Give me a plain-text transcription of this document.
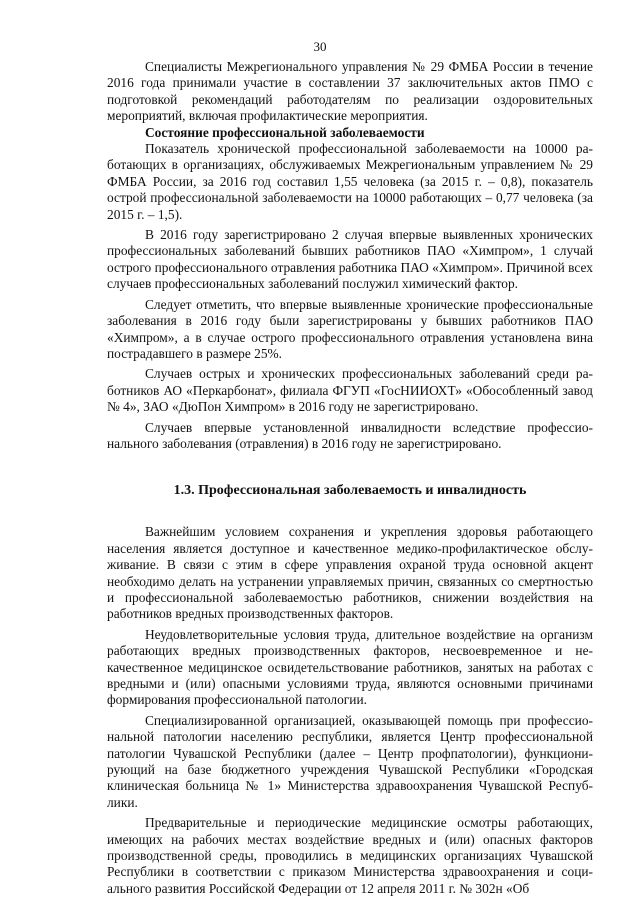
30

Специалисты Межрегионального управления № 29 ФМБА России в течение 2016 года принимали участие в составлении 37 заключительных актов ПМО с подготовкой рекомендаций работодателям по реализации оздоровительных мероприятий, включая профилактические мероприятия.

Состояние профессиональной заболеваемости

Показатель хронической профессиональной заболеваемости на 10000 работающих в организациях, обслуживаемых Межрегиональным управлением № 29 ФМБА России, за 2016 год составил 1,55 человека (за 2015 г. – 0,8), показатель острой профессиональной заболеваемости на 10000 работающих – 0,77 человека (за 2015 г. – 1,5).

В 2016 году зарегистрировано 2 случая впервые выявленных хронических профессиональных заболеваний бывших работников ПАО «Химпром», 1 случай острого профессионального отравления работника ПАО «Химпром». Причиной всех случаев профессиональных заболеваний послужил химический фактор.

Следует отметить, что впервые выявленные хронические профессиональные заболевания в 2016 году были зарегистрированы у бывших работников ПАО «Химпром», а в случае острого профессионального отравления установлена вина пострадавшего в размере 25%.

Случаев острых и хронических профессиональных заболеваний среди работников АО «Перкарбонат», филиала ФГУП «ГосНИИОХТ» «Обособленный завод № 4», ЗАО «ДюПон Химпром» в 2016 году не зарегистрировано.

Случаев впервые установленной инвалидности вследствие профессионального заболевания (отравления) в 2016 году не зарегистрировано.

1.3. Профессиональная заболеваемость и инвалидность

Важнейшим условием сохранения и укрепления здоровья работающего населения является доступное и качественное медико-профилактическое обслуживание. В связи с этим в сфере управления охраной труда основной акцент необходимо делать на устранении управляемых причин, связанных со смертностью и профессиональной заболеваемостью работников, снижении воздействия на работников вредных производственных факторов.

Неудовлетворительные условия труда, длительное воздействие на организм работающих вредных производственных факторов, несвоевременное и некачественное медицинское освидетельствование работников, занятых на работах с вредными и (или) опасными условиями труда, являются основными причинами формирования профессиональной патологии.

Специализированной организацией, оказывающей помощь при профессиональной патологии населению республики, является Центр профессиональной патологии Чувашской Республики (далее – Центр профпатологии), функционирующий на базе бюджетного учреждения Чувашской Республики «Городская клиническая больница № 1» Министерства здравоохранения Чувашской Республики.

Предварительные и периодические медицинские осмотры работающих, имеющих на рабочих местах воздействие вредных и (или) опасных факторов производственной среды, проводились в медицинских организациях Чувашской Республики в соответствии с приказом Министерства здравоохранения и социального развития Российской Федерации от 12 апреля 2011 г. № 302н «Об
